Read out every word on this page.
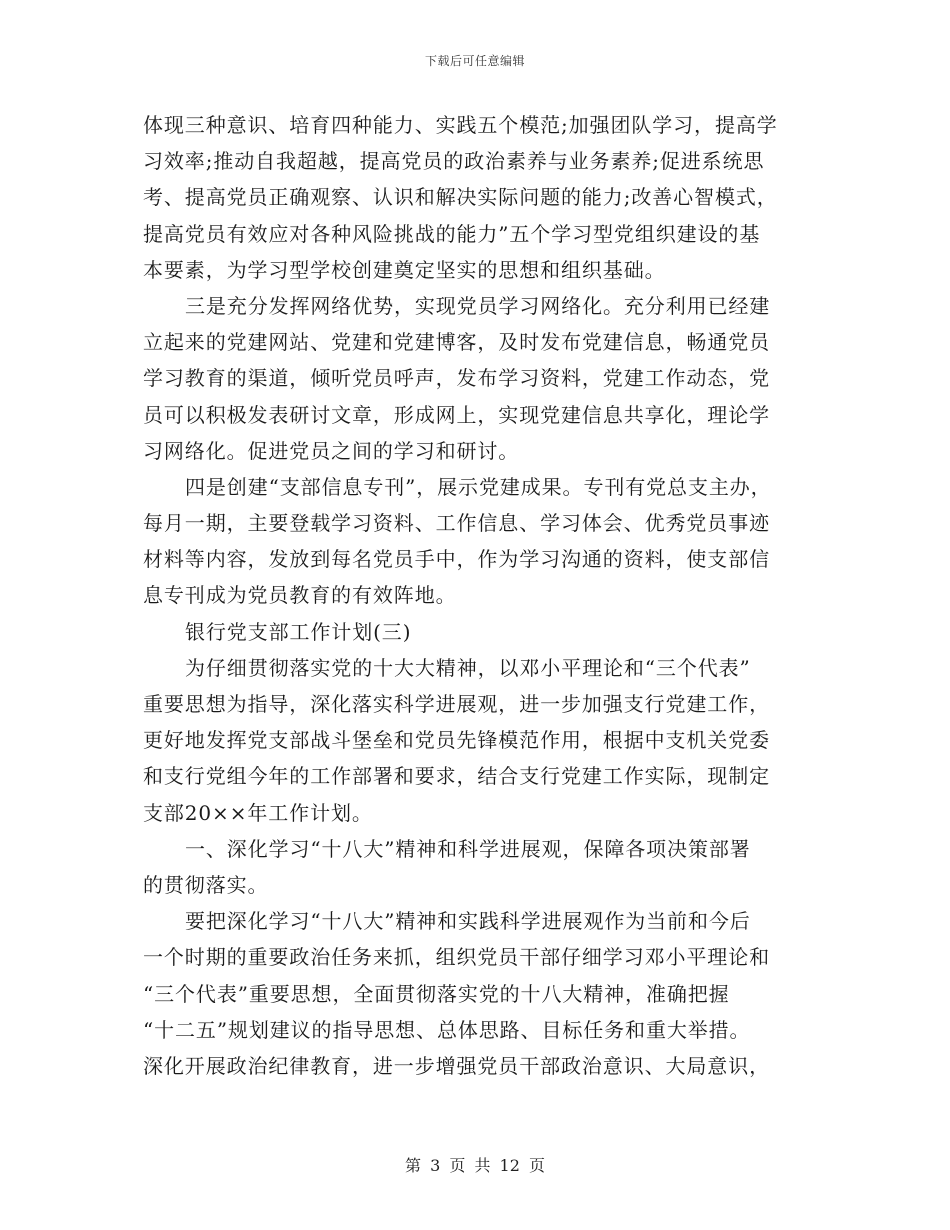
下载后可任意编辑
体现三种意识、培育四种能力、实践五个模范;加强团队学习，提高学
习效率;推动自我超越，提高党员的政治素养与业务素养;促进系统思
考、提高党员正确观察、认识和解决实际问题的能力;改善心智模式，
提高党员有效应对各种风险挑战的能力”五个学习型党组织建设的基
本要素，为学习型学校创建奠定坚实的思想和组织基础。
三是充分发挥网络优势，实现党员学习网络化。充分利用已经建
立起来的党建网站、党建和党建博客，及时发布党建信息，畅通党员
学习教育的渠道，倾听党员呼声，发布学习资料，党建工作动态，党
员可以积极发表研讨文章，形成网上，实现党建信息共享化，理论学
习网络化。促进党员之间的学习和研讨。
四是创建“支部信息专刊”，展示党建成果。专刊有党总支主办，
每月一期，主要登载学习资料、工作信息、学习体会、优秀党员事迹
材料等内容，发放到每名党员手中，作为学习沟通的资料，使支部信
息专刊成为党员教育的有效阵地。
银行党支部工作计划(三)
为仔细贯彻落实党的十大大精神，以邓小平理论和“三个代表”
重要思想为指导，深化落实科学进展观，进一步加强支行党建工作，
更好地发挥党支部战斗堡垒和党员先锋模范作用，根据中支机关党委
和支行党组今年的工作部署和要求，结合支行党建工作实际，现制定
支部20××年工作计划。
一、深化学习“十八大”精神和科学进展观，保障各项决策部署
的贯彻落实。
要把深化学习“十八大”精神和实践科学进展观作为当前和今后
一个时期的重要政治任务来抓，组织党员干部仔细学习邓小平理论和
“三个代表”重要思想，全面贯彻落实党的十八大精神，准确把握
“十二五”规划建议的指导思想、总体思路、目标任务和重大举措。
深化开展政治纪律教育，进一步增强党员干部政治意识、大局意识，
第 3 页 共 12 页
